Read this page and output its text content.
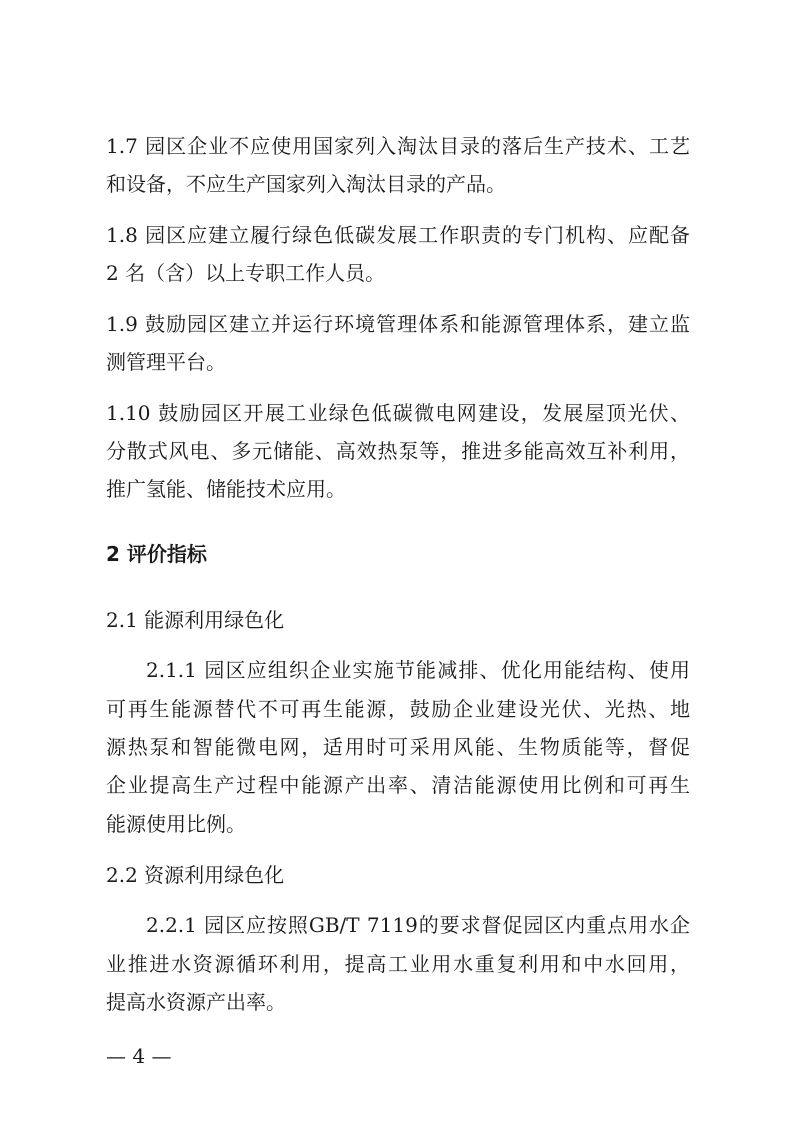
1.7 园区企业不应使用国家列入淘汰目录的落后生产技术、工艺
和设备，不应生产国家列入淘汰目录的产品。
1.8 园区应建立履行绿色低碳发展工作职责的专门机构、应配备
2 名（含）以上专职工作人员。
1.9 鼓励园区建立并运行环境管理体系和能源管理体系，建立监
测管理平台。
1.10 鼓励园区开展工业绿色低碳微电网建设，发展屋顶光伏、
分散式风电、多元储能、高效热泵等，推进多能高效互补利用，
推广氢能、储能技术应用。
2 评价指标
2.1 能源利用绿色化
2.1.1 园区应组织企业实施节能减排、优化用能结构、使用
可再生能源替代不可再生能源，鼓励企业建设光伏、光热、地
源热泵和智能微电网，适用时可采用风能、生物质能等，督促
企业提高生产过程中能源产出率、清洁能源使用比例和可再生
能源使用比例。
2.2 资源利用绿色化
2.2.1 园区应按照GB/T 7119的要求督促园区内重点用水企
业推进水资源循环利用，提高工业用水重复利用和中水回用，
提高水资源产出率。
— 4 —
